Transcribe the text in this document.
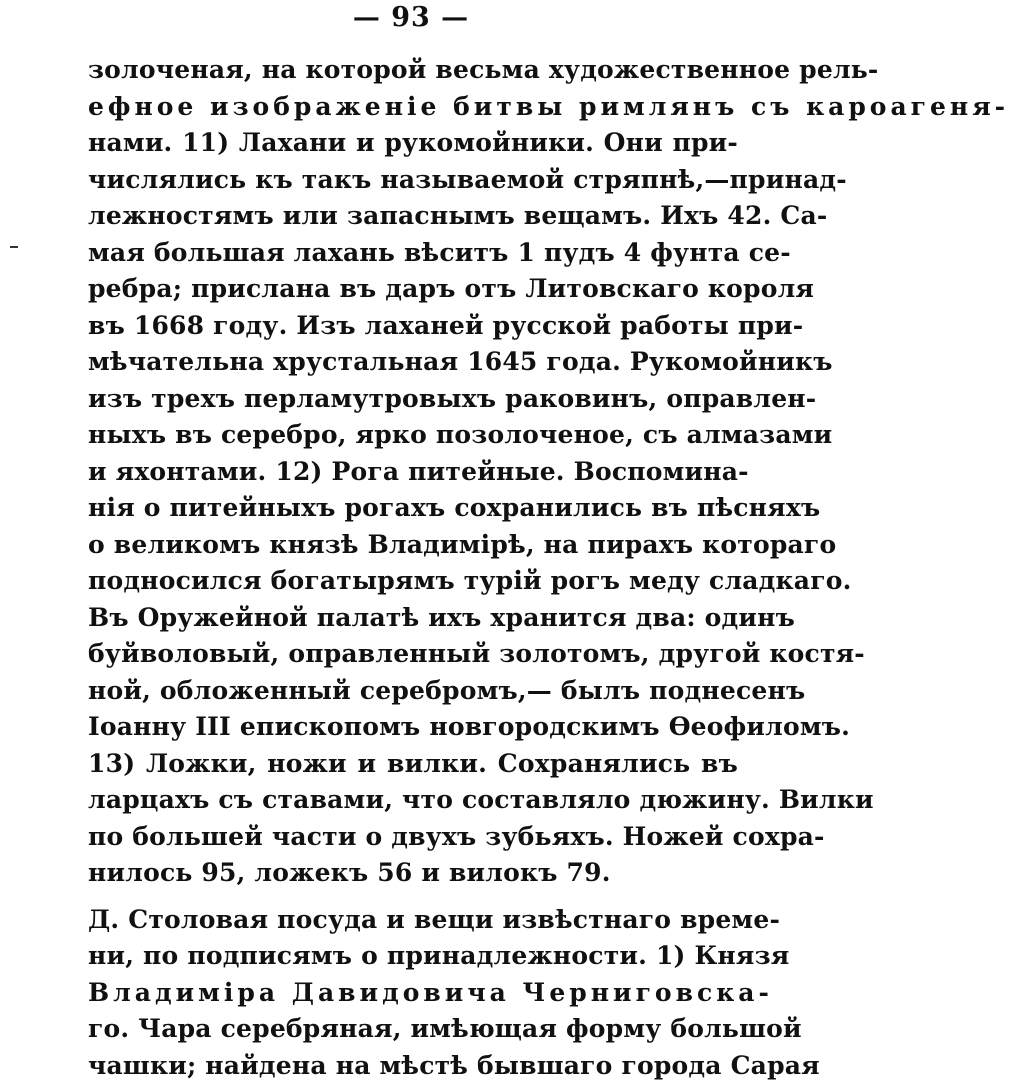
— 93 —
золоченая, на которой весьма художественное рель-
ефное изображеніе битвы римлянъ съ кароагеня-
нами. 11) Лахани и рукомойники. Они при-
числялись къ такъ называемой стряпнѣ,—принад-
лежностямъ или запаснымъ вещамъ. Ихъ 42. Са-
мая большая лахань вѣситъ 1 пудъ 4 фунта се-
ребра; прислана въ даръ отъ Литовскаго короля
въ 1668 году. Изъ лаханей русской работы при-
мѣчательна хрустальная 1645 года. Рукомойникъ
изъ трехъ перламутровыхъ раковинъ, оправлен-
ныхъ въ серебро, ярко позолоченое, съ алмазами
и яхонтами. 12) Рога питейные. Воспомина-
нія о питейныхъ рогахъ сохранились въ пѣсняхъ
о великомъ князѣ Владимірѣ, на пирахъ котораго
подносился богатырямъ турій рогъ меду сладкаго.
Въ Оружейной палатѣ ихъ хранится два: одинъ
буйволовый, оправленный золотомъ, другой костя-
ной, обложенный серебромъ,— былъ поднесенъ
Іоанну III епископомъ новгородскимъ Ѳеофиломъ.
13) Ложки, ножи и вилки. Сохранялись въ
ларцахъ съ ставами, что составляло дюжину. Вилки
по большей части о двухъ зубьяхъ. Ножей сохра-
нилось 95, ложекъ 56 и вилокъ 79.
Д. Столовая посуда и вещи извѣстнаго време-
ни, по подписямъ о принадлежности. 1) Князя
Владиміра Давидовича Черниговска-
го. Чара серебряная, имѣющая форму большой
чашки; найдена на мѣстѣ бывшаго города Сарая
